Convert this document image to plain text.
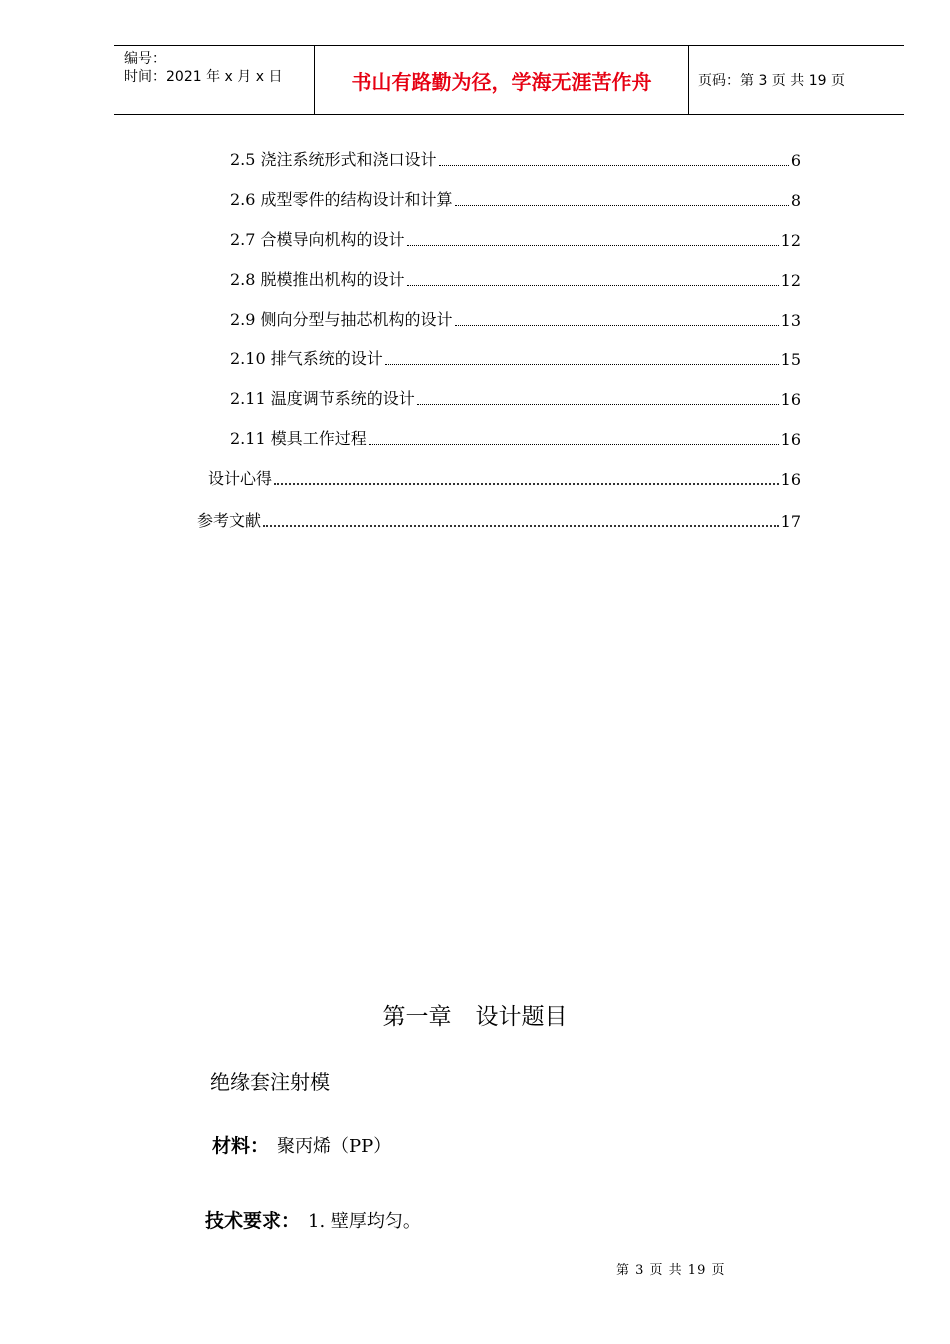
编号：
时间：2021 年 x 月 x 日	书山有路勤为径，学海无涯苦作舟	页码：第 3 页 共 19 页
2.5 浇注系统形式和浇口设计	6
2.6 成型零件的结构设计和计算	8
2.7 合模导向机构的设计	12
2.8 脱模推出机构的设计	12
2.9 侧向分型与抽芯机构的设计	13
2.10 排气系统的设计	15
2.11 温度调节系统的设计	16
2.11 模具工作过程	16
设计心得	16
参考文献	17
第一章 设计题目
绝缘套注射模
材料： 聚丙烯（PP）
技术要求： 1. 壁厚均匀。
第 3 页 共 19 页
